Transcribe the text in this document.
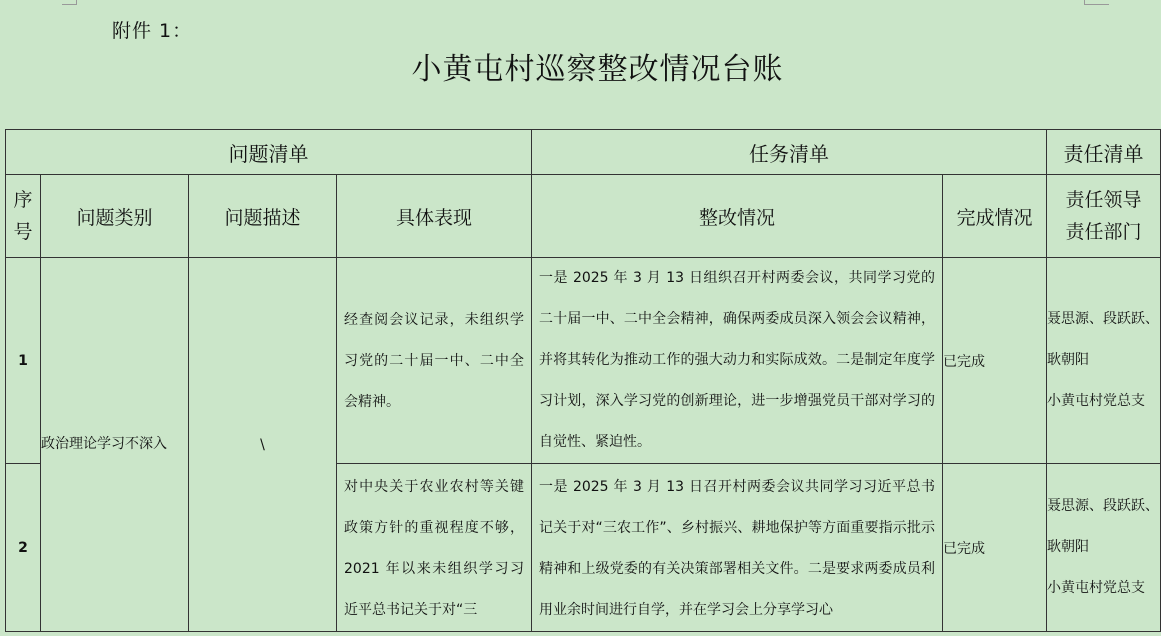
附件 1：
小黄屯村巡察整改情况台账
问题清单				任务清单		责任清单
序号	问题类别	问题描述	具体表现	整改情况	完成情况	责任领导
责任部门

1	政治理论学习不深入	\	经查阅会议记录，未组织学习党的二十届一中、二中全会精神。	一是 2025 年 3 月 13 日组织召开村两委会议，共同学习党的二十届一中、二中全会精神，确保两委成员深入领会会议精神，并将其转化为推动工作的强大动力和实际成效。二是制定年度学习计划，深入学习党的创新理论，进一步增强党员干部对学习的自觉性、紧迫性。	已完成	聂思源、段跃跃、耿朝阳
小黄屯村党总支

2			对中央关于农业农村等关键政策方针的重视程度不够，2021 年以来未组织学习习近平总书记关于对“三	一是 2025 年 3 月 13 日召开村两委会议共同学习习近平总书记关于对“三农工作”、乡村振兴、耕地保护等方面重要指示批示精神和上级党委的有关决策部署相关文件。二是要求两委成员利用业余时间进行自学，并在学习会上分享学习心	已完成	聂思源、段跃跃、耿朝阳
小黄屯村党总支
